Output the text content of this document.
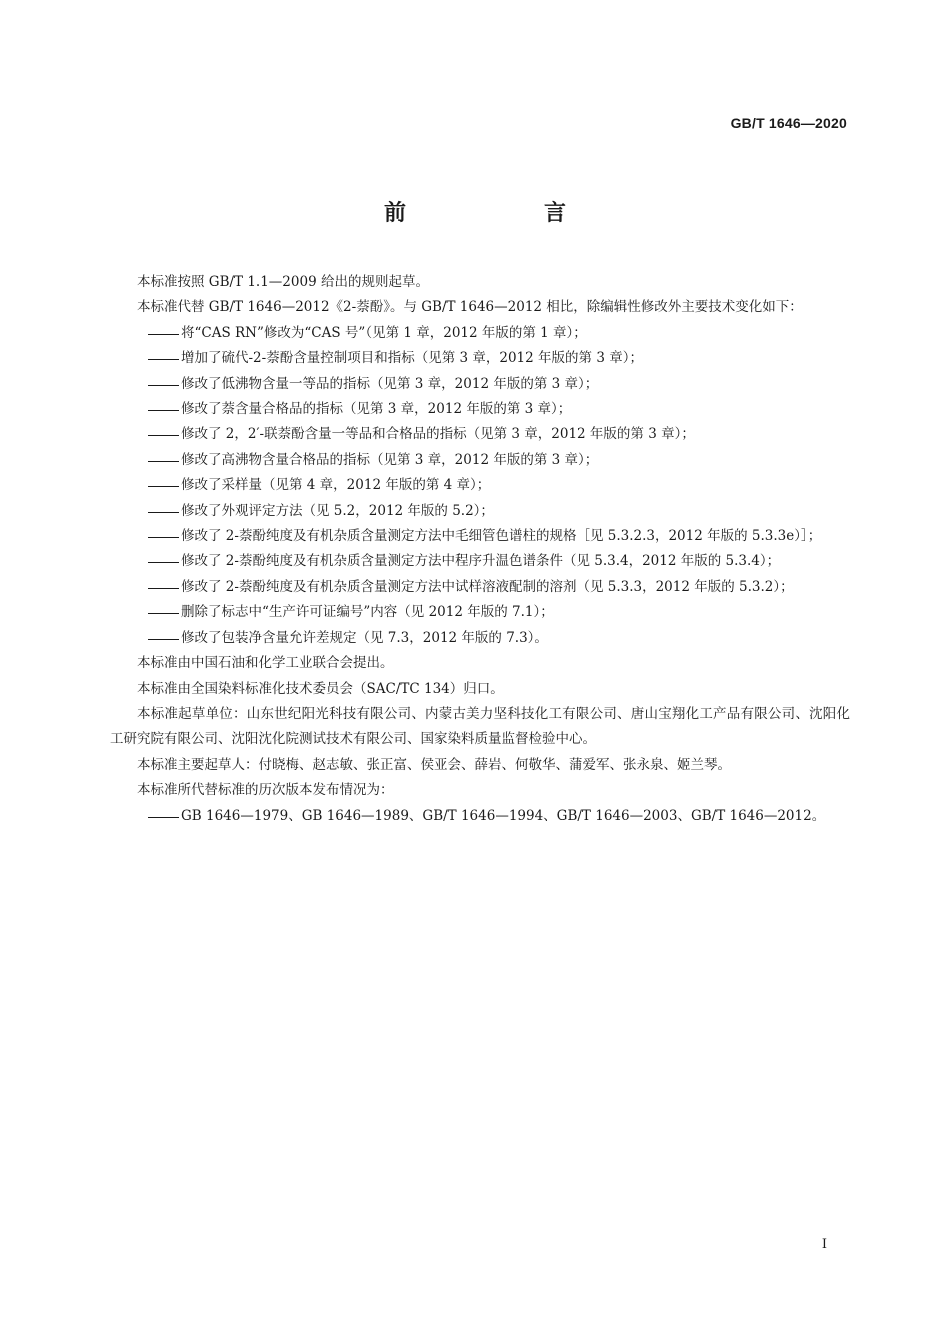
GB/T 1646—2020
前　言

本标准按照 GB/T 1.1—2009 给出的规则起草。

本标准代替 GB/T 1646—2012《2-萘酚》。与 GB/T 1646—2012 相比，除编辑性修改外主要技术变化如下：

将“CAS RN”修改为“CAS 号”（见第 1 章，2012 年版的第 1 章）；

增加了硫代-2-萘酚含量控制项目和指标（见第 3 章，2012 年版的第 3 章）；

修改了低沸物含量一等品的指标（见第 3 章，2012 年版的第 3 章）；

修改了萘含量合格品的指标（见第 3 章，2012 年版的第 3 章）；

修改了 2，2′-联萘酚含量一等品和合格品的指标（见第 3 章，2012 年版的第 3 章）；

修改了高沸物含量合格品的指标（见第 3 章，2012 年版的第 3 章）；

修改了采样量（见第 4 章，2012 年版的第 4 章）；

修改了外观评定方法（见 5.2，2012 年版的 5.2）；

修改了 2-萘酚纯度及有机杂质含量测定方法中毛细管色谱柱的规格［见 5.3.2.3，2012 年版的 5.3.3e）］；

修改了 2-萘酚纯度及有机杂质含量测定方法中程序升温色谱条件（见 5.3.4，2012 年版的 5.3.4）；

修改了 2-萘酚纯度及有机杂质含量测定方法中试样溶液配制的溶剂（见 5.3.3，2012 年版的 5.3.2）；

删除了标志中“生产许可证编号”内容（见 2012 年版的 7.1）；

修改了包装净含量允许差规定（见 7.3，2012 年版的 7.3）。

本标准由中国石油和化学工业联合会提出。

本标准由全国染料标准化技术委员会（SAC/TC 134）归口。

本标准起草单位：山东世纪阳光科技有限公司、内蒙古美力坚科技化工有限公司、唐山宝翔化工产品有限公司、沈阳化工研究院有限公司、沈阳沈化院测试技术有限公司、国家染料质量监督检验中心。

本标准主要起草人：付晓梅、赵志敏、张正富、侯亚会、薛岩、何敬华、蒲爱军、张永泉、姬兰琴。

本标准所代替标准的历次版本发布情况为：

GB 1646—1979、GB 1646—1989、GB/T 1646—1994、GB/T 1646—2003、GB/T 1646—2012。

I
